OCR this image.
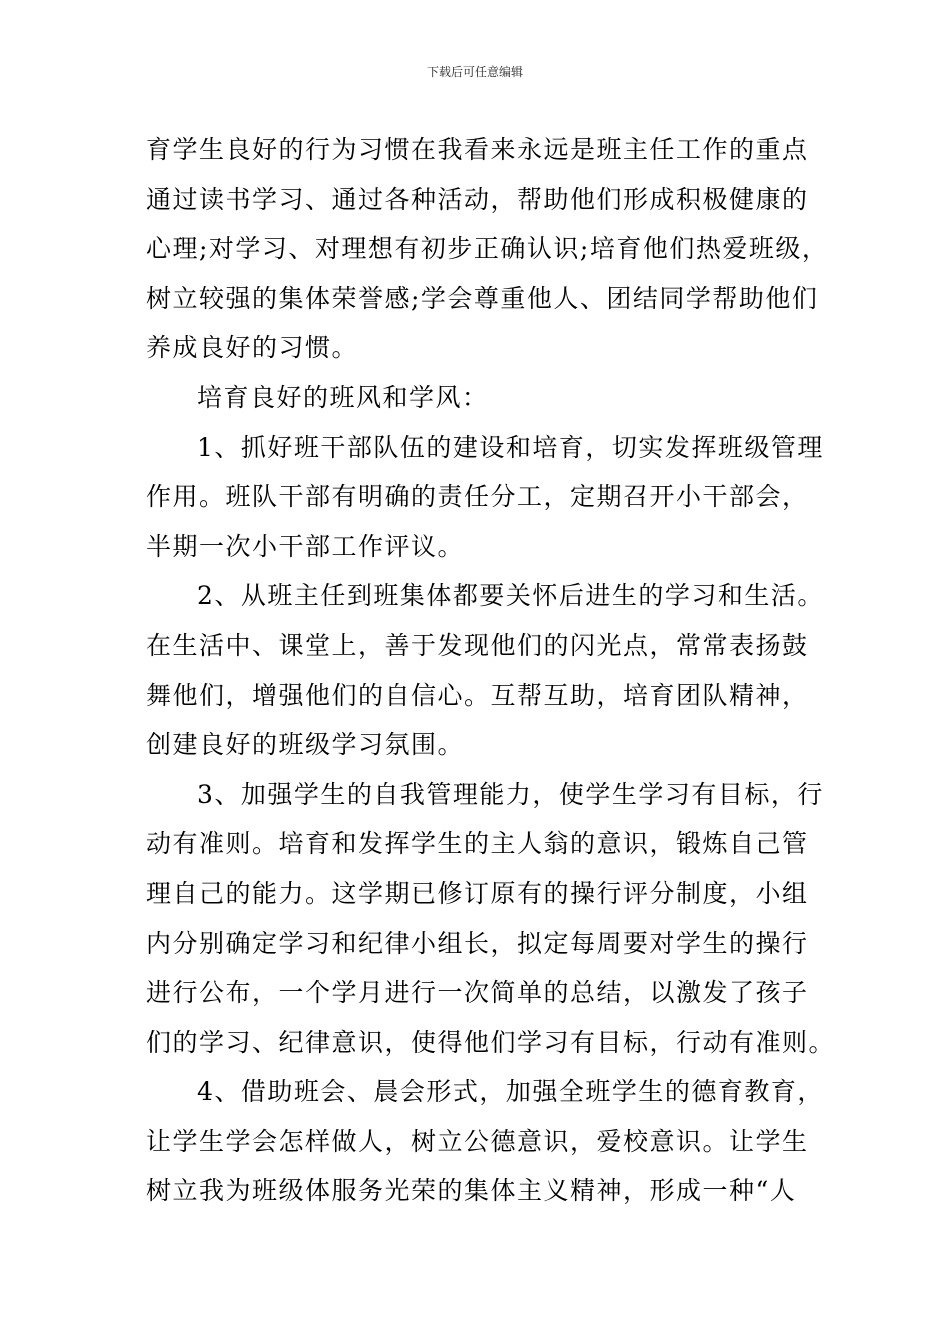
下载后可任意编辑
育学生良好的行为习惯在我看来永远是班主任工作的重点
通过读书学习、通过各种活动，帮助他们形成积极健康的
心理;对学习、对理想有初步正确认识;培育他们热爱班级，
树立较强的集体荣誉感;学会尊重他人、团结同学帮助他们
养成良好的习惯。
培育良好的班风和学风：
1、抓好班干部队伍的建设和培育，切实发挥班级管理
作用。班队干部有明确的责任分工，定期召开小干部会，
半期一次小干部工作评议。
2、从班主任到班集体都要关怀后进生的学习和生活。
在生活中、课堂上，善于发现他们的闪光点，常常表扬鼓
舞他们，增强他们的自信心。互帮互助，培育团队精神，
创建良好的班级学习氛围。
3、加强学生的自我管理能力，使学生学习有目标，行
动有准则。培育和发挥学生的主人翁的意识，锻炼自己管
理自己的能力。这学期已修订原有的操行评分制度，小组
内分别确定学习和纪律小组长，拟定每周要对学生的操行
进行公布，一个学月进行一次简单的总结，以激发了孩子
们的学习、纪律意识，使得他们学习有目标，行动有准则。
4、借助班会、晨会形式，加强全班学生的德育教育，
让学生学会怎样做人，树立公德意识，爱校意识。让学生
树立我为班级体服务光荣的集体主义精神，形成一种“人
